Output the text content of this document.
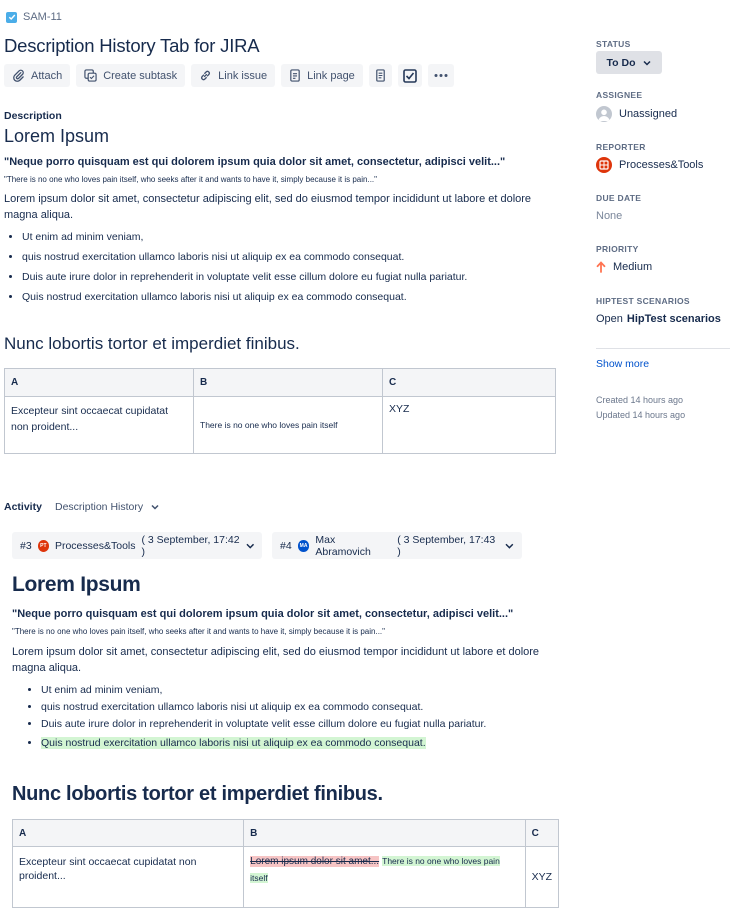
SAM-11
Description History Tab for JIRA
Attach	Create subtask	Link issue	Link page
Description
Lorem Ipsum

"Neque porro quisquam est qui dolorem ipsum quia dolor sit amet, consectetur, adipisci velit..."

"There is no one who loves pain itself, who seeks after it and wants to have it, simply because it is pain..."

Lorem ipsum dolor sit amet, consectetur adipiscing elit, sed do eiusmod tempor incididunt ut labore et dolore magna aliqua.

• Ut enim ad minim veniam,
• quis nostrud exercitation ullamco laboris nisi ut aliquip ex ea commodo consequat.
• Duis aute irure dolor in reprehenderit in voluptate velit esse cillum dolore eu fugiat nulla pariatur.
• Quis nostrud exercitation ullamco laboris nisi ut aliquip ex ea commodo consequat.
Nunc lobortis tortor et imperdiet finibus.
A	B	C
Excepteur sint occaecat cupidatat non proident...	There is no one who loves pain itself	XYZ
STATUS
To Do
ASSIGNEE
Unassigned
REPORTER
Processes&Tools
DUE DATE
None
PRIORITY
Medium
HIPTEST SCENARIOS
Open HipTest scenarios
Show more
Created 14 hours ago
Updated 14 hours ago
Activity Description History
#3 PT Processes&Tools ( 3 September, 17:42 )	#4 MA Max Abramovich
( 3 September, 17:43 )
Lorem Ipsum

"Neque porro quisquam est qui dolorem ipsum quia dolor sit amet, consectetur, adipisci velit..."

"There is no one who loves pain itself, who seeks after it and wants to have it, simply because it is pain..."

Lorem ipsum dolor sit amet, consectetur adipiscing elit, sed do eiusmod tempor incididunt ut labore et dolore magna aliqua.

• Ut enim ad minim veniam,
• quis nostrud exercitation ullamco laboris nisi ut aliquip ex ea commodo consequat.
• Duis aute irure dolor in reprehenderit in voluptate velit esse cillum dolore eu fugiat nulla pariatur.
• Quis nostrud exercitation ullamco laboris nisi ut aliquip ex ea commodo consequat.
Nunc lobortis tortor et imperdiet finibus.
A	B	C
Excepteur sint occaecat cupidatat non proident...	Lorem ipsum dolor sit amet... There is no one who loves pain itself	XYZ
